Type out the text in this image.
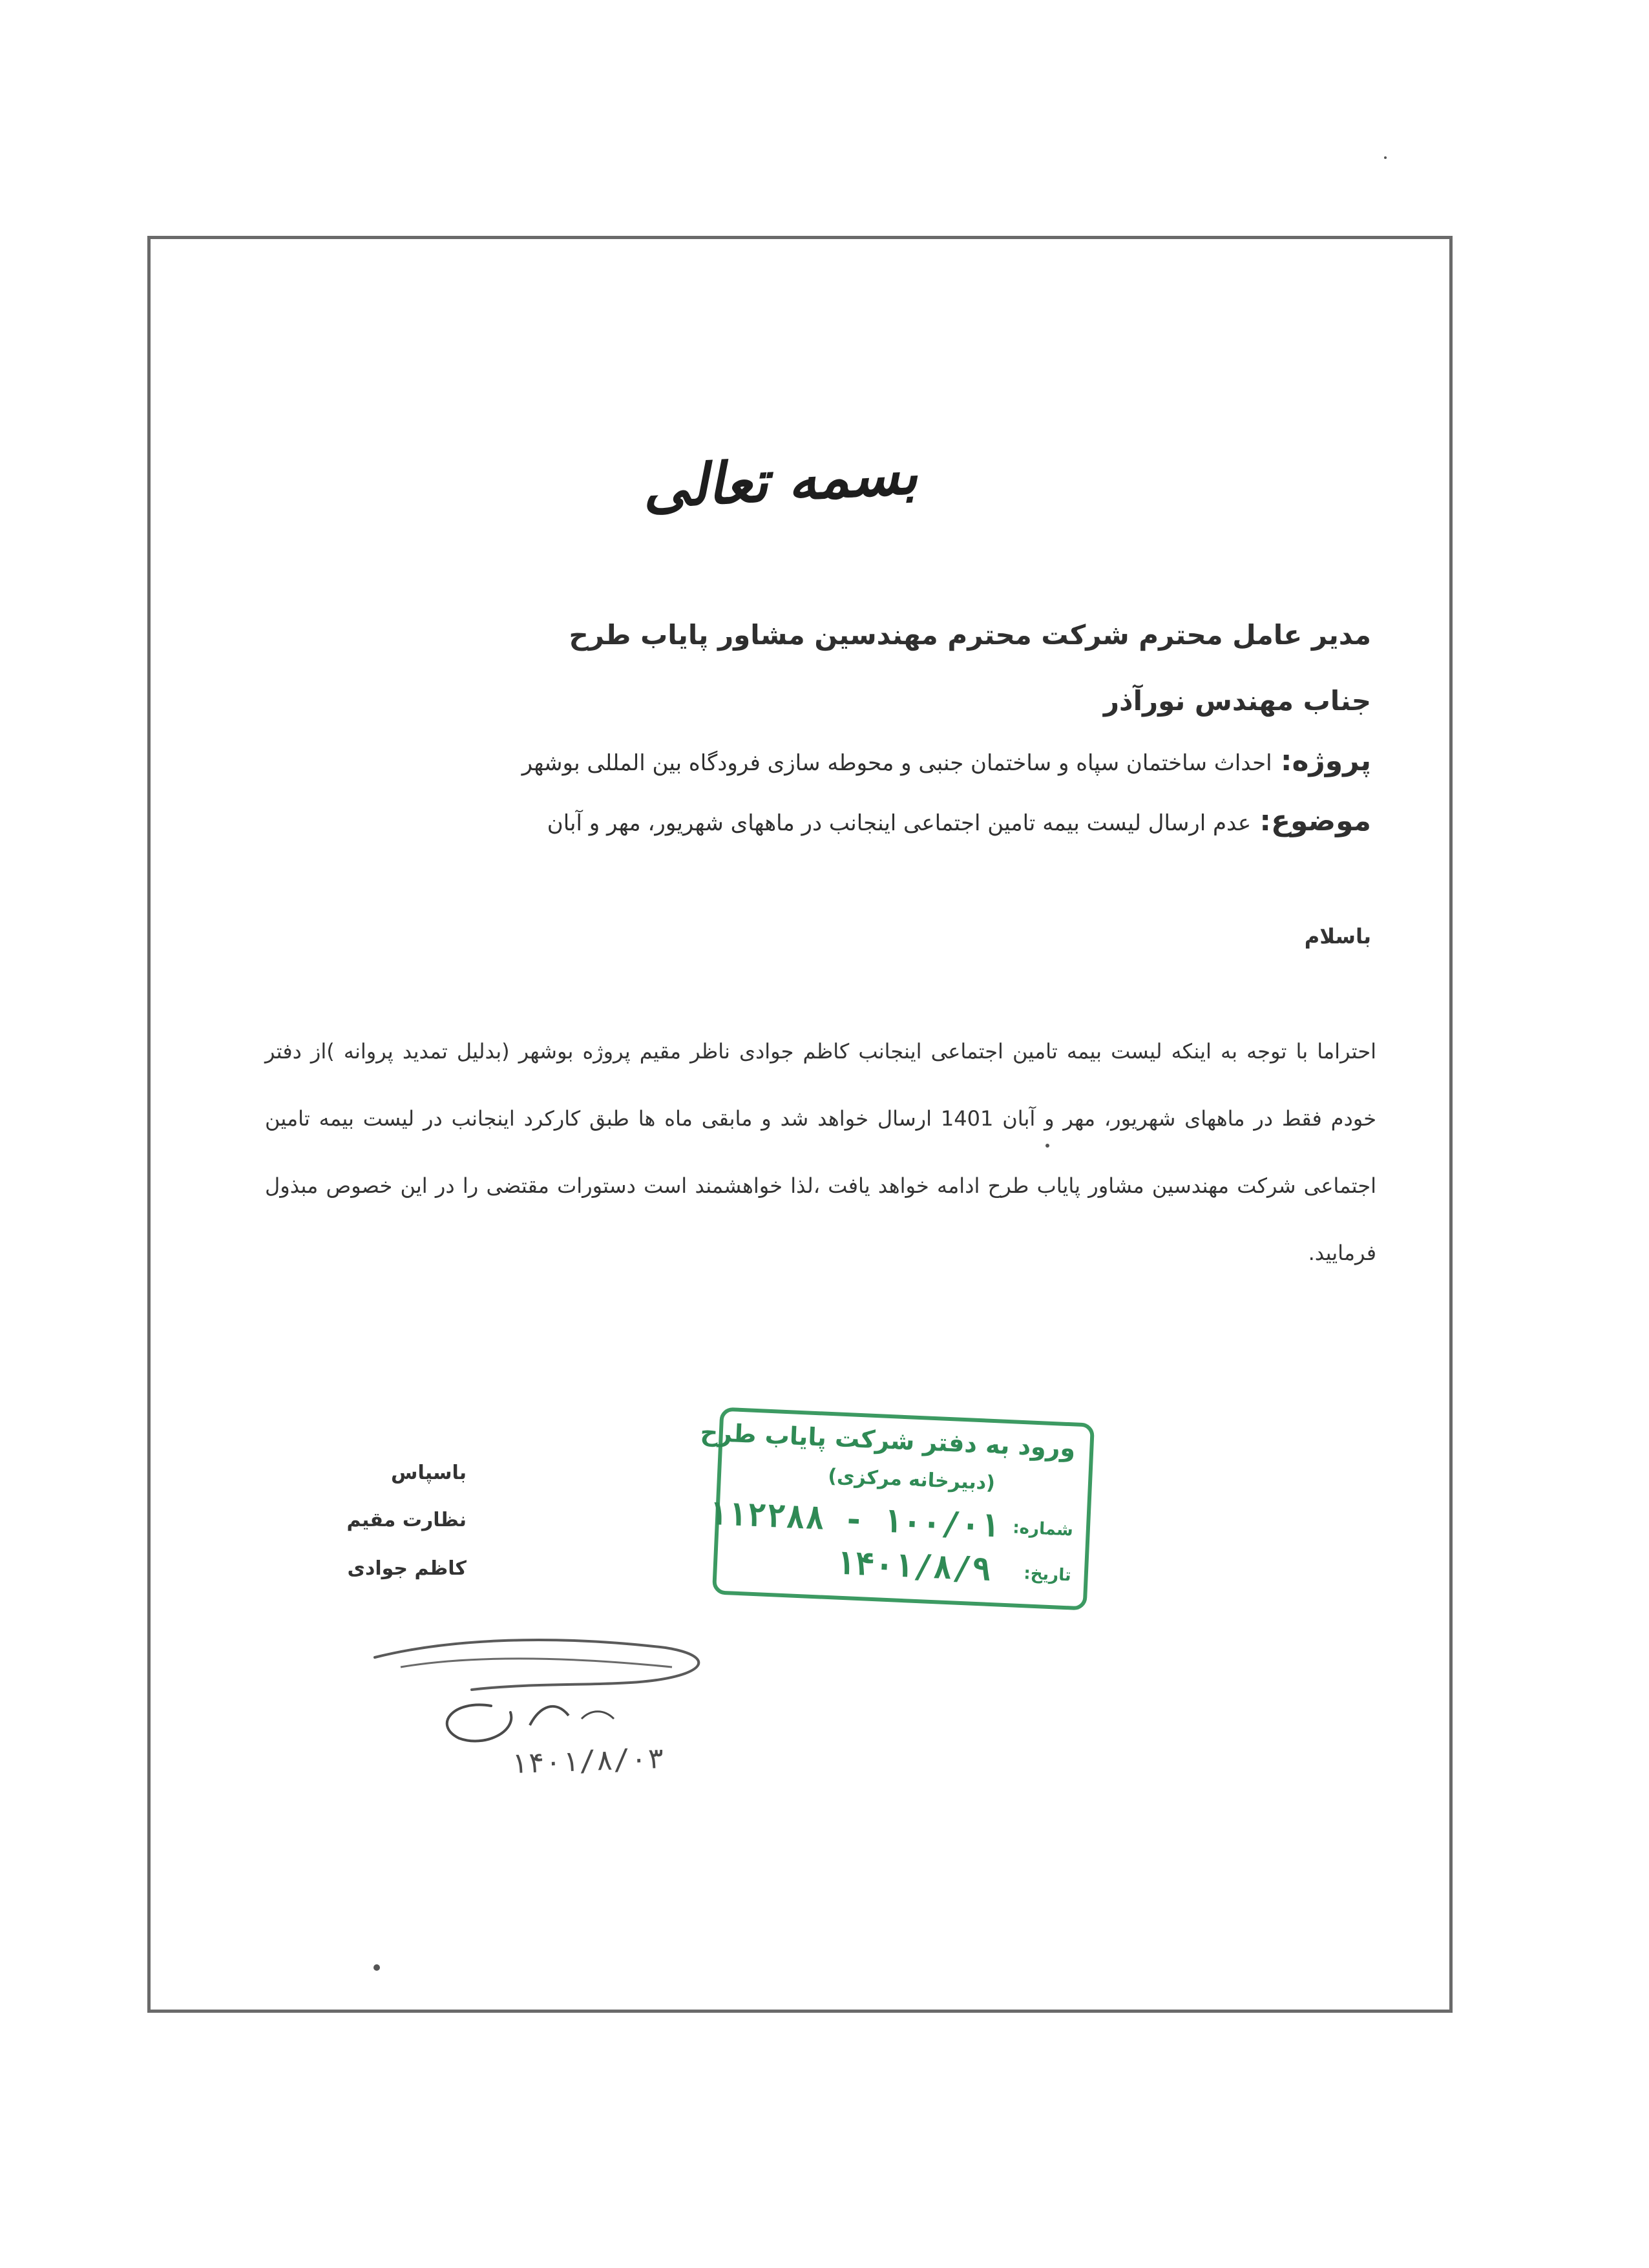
بسمه تعالی
مدیر عامل محترم شرکت محترم مهندسین مشاور پایاب طرح
جناب مهندس نورآذر
پروژه: احداث ساختمان سپاه و ساختمان جنبی و محوطه سازی فرودگاه بین المللی بوشهر
موضوع: عدم ارسال لیست بیمه تامین اجتماعی اینجانب در ماههای شهریور، مهر و آبان
باسلام
احتراما با توجه به اینکه لیست بیمه تامین اجتماعی اینجانب کاظم جوادی ناظر مقیم پروژه بوشهر (بدلیل تمدید پروانه )از دفتر خودم فقط در ماههای شهریور، مهر و آبان 1401 ارسال خواهد شد و مابقی ماه ها طبق کارکرد اینجانب در لیست بیمه تامین اجتماعی شرکت مهندسین مشاور پایاب طرح ادامه خواهد یافت ،لذا خواهشمند است دستورات مقتضی را در این خصوص مبذول فرمایید.
باسپاس
نظارت مقیم
کاظم جوادی
ورود به دفتر شرکت پایاب طرح
(دبیرخانه مرکزی)
شماره:
۱۰۰/۰۱ - ۱۱۲۲۸۸
تاریخ:
۱۴۰۱/۸/۹
۱۴۰۱/۸/۰۳
